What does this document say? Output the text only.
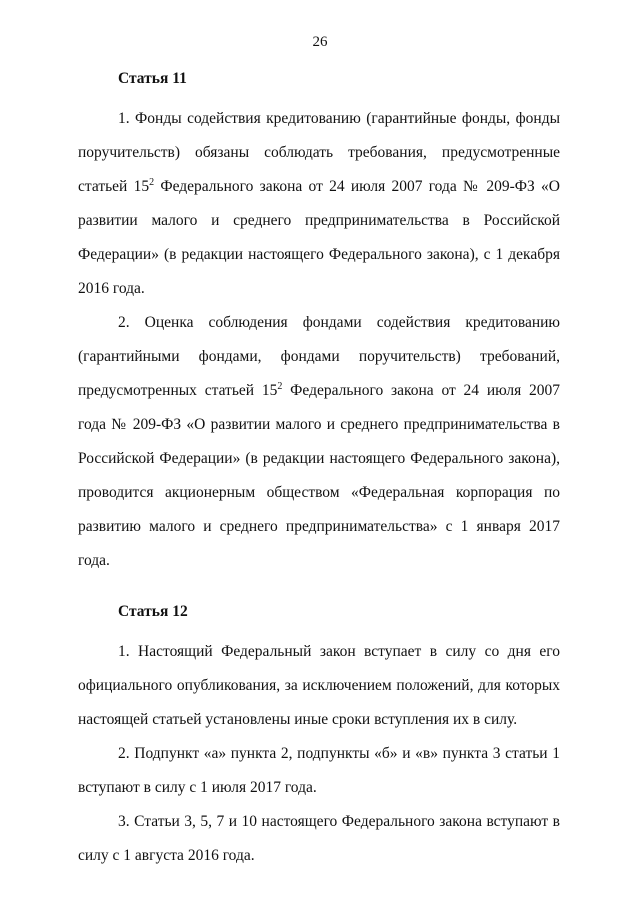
26
Статья 11

1. Фонды содействия кредитованию (гарантийные фонды, фонды поручительств) обязаны соблюдать требования, предусмотренные статьей $15^2$ Федерального закона от 24 июля 2007 года № 209-ФЗ «О развитии малого и среднего предпринимательства в Российской Федерации» (в редакции настоящего Федерального закона), с 1 декабря 2016 года.

2. Оценка соблюдения фондами содействия кредитованию (гарантийными фондами, фондами поручительств) требований, предусмотренных статьей $15^2$ Федерального закона от 24 июля 2007 года № 209-ФЗ «О развитии малого и среднего предпринимательства в Российской Федерации» (в редакции настоящего Федерального закона), проводится акционерным обществом «Федеральная корпорация по развитию малого и среднего предпринимательства» с 1 января 2017 года.

Статья 12

1. Настоящий Федеральный закон вступает в силу со дня его официального опубликования, за исключением положений, для которых настоящей статьей установлены иные сроки вступления их в силу.

2. Подпункт «а» пункта 2, подпункты «б» и «в» пункта 3 статьи 1 вступают в силу с 1 июля 2017 года.

3. Статьи 3, 5, 7 и 10 настоящего Федерального закона вступают в силу с 1 августа 2016 года.
